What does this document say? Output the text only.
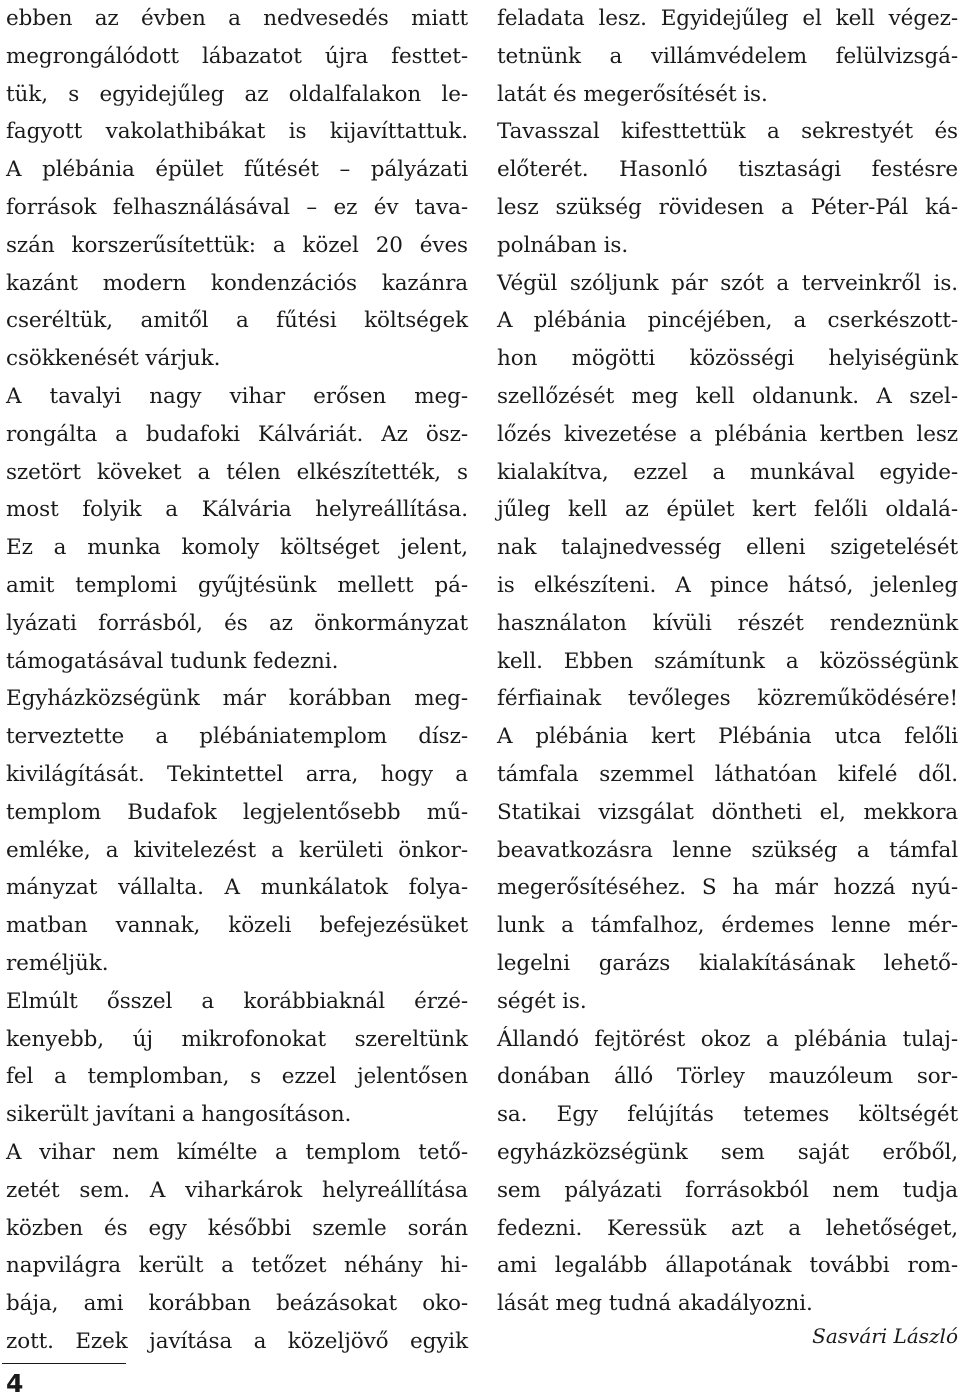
ebben az évben a nedvesedés miatt
megrongálódott lábazatot újra festtet-
tük, s egyidejűleg az oldalfalakon le-
fagyott vakolathibákat is kijavíttattuk.
A plébánia épület fűtését – pályázati
források felhasználásával – ez év tava-
szán korszerűsítettük: a közel 20 éves
kazánt modern kondenzációs kazánra
cseréltük, amitől a fűtési költségek
csökkenését várjuk.
A tavalyi nagy vihar erősen meg-
rongálta a budafoki Kálváriát. Az ösz-
szetört köveket a télen elkészítették, s
most folyik a Kálvária helyreállítása.
Ez a munka komoly költséget jelent,
amit templomi gyűjtésünk mellett pá-
lyázati forrásból, és az önkormányzat
támogatásával tudunk fedezni.
Egyházközségünk már korábban meg-
terveztette a plébániatemplom dísz-
kivilágítását. Tekintettel arra, hogy a
templom Budafok legjelentősebb mű-
emléke, a kivitelezést a kerületi önkor-
mányzat vállalta. A munkálatok folya-
matban vannak, közeli befejezésüket
reméljük.
Elmúlt ősszel a korábbiaknál érzé-
kenyebb, új mikrofonokat szereltünk
fel a templomban, s ezzel jelentősen
sikerült javítani a hangosításon.
A vihar nem kímélte a templom tető-
zetét sem. A viharkárok helyreállítása
közben és egy későbbi szemle során
napvilágra került a tetőzet néhány hi-
bája, ami korábban beázásokat oko-
zott. Ezek javítása a közeljövő egyik
feladata lesz. Egyidejűleg el kell végez-
tetnünk a villámvédelem felülvizsgá-
latát és megerősítését is.
Tavasszal kifesttettük a sekrestyét és
előterét. Hasonló tisztasági festésre
lesz szükség rövidesen a Péter-Pál ká-
polnában is.
Végül szóljunk pár szót a terveinkről is.
A plébánia pincéjében, a cserkészott-
hon mögötti közösségi helyiségünk
szellőzését meg kell oldanunk. A szel-
lőzés kivezetése a plébánia kertben lesz
kialakítva, ezzel a munkával egyide-
jűleg kell az épület kert felőli oldalá-
nak talajnedvesség elleni szigetelését
is elkészíteni. A pince hátsó, jelenleg
használaton kívüli részét rendeznünk
kell. Ebben számítunk a közösségünk
férfiainak tevőleges közreműködésére!
A plébánia kert Plébánia utca felőli
támfala szemmel láthatóan kifelé dől.
Statikai vizsgálat döntheti el, mekkora
beavatkozásra lenne szükség a támfal
megerősítéséhez. S ha már hozzá nyú-
lunk a támfalhoz, érdemes lenne mér-
legelni garázs kialakításának lehető-
ségét is.
Állandó fejtörést okoz a plébánia tulaj-
donában álló Törley mauzóleum sor-
sa. Egy felújítás tetemes költségét
egyházközségünk sem saját erőből,
sem pályázati forrásokból nem tudja
fedezni. Keressük azt a lehetőséget,
ami legalább állapotának további rom-
lását meg tudná akadályozni.
Sasvári László
4
